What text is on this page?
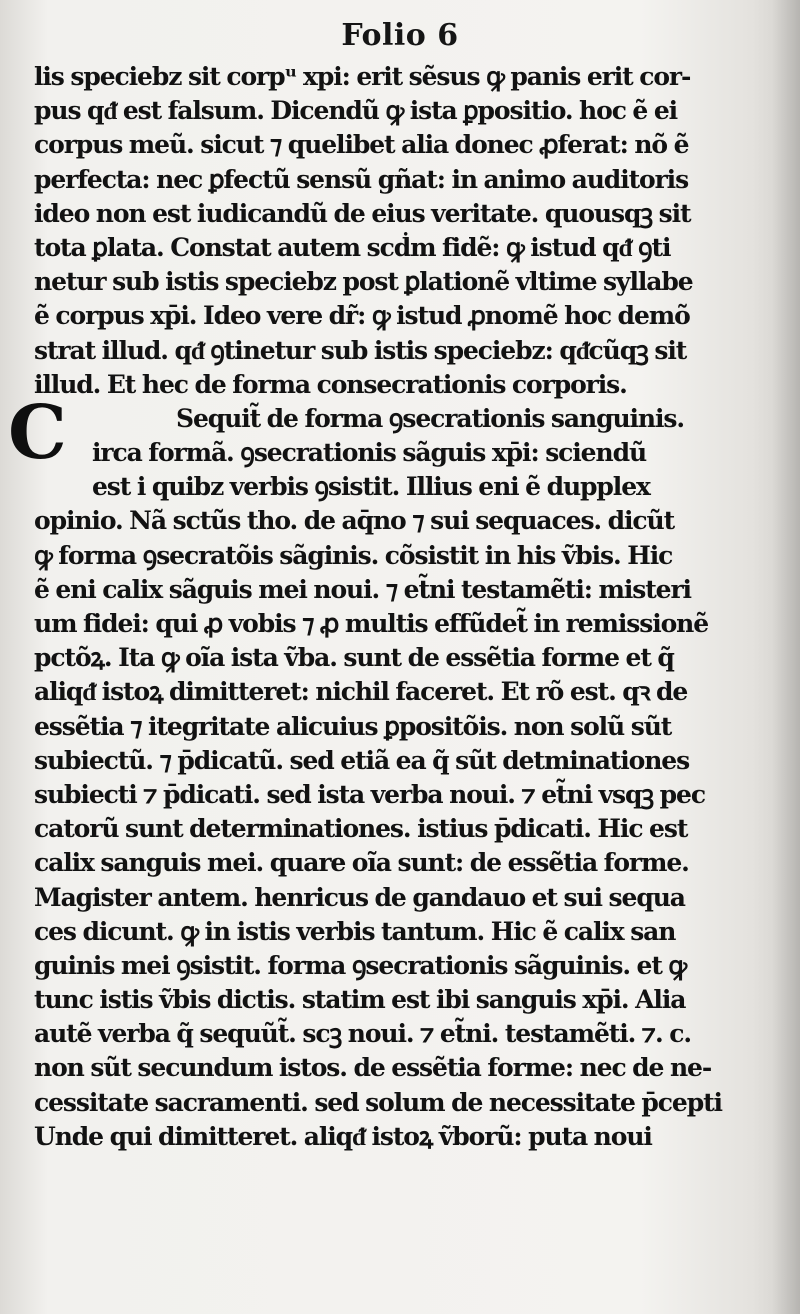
Folio 6
C
lis speciebz sit corpᵘ xpi: erit sẽsus ꝙ panis erit cor-
pus qᵭ est falsum. Dicendũ ꝙ ista ꝑpositio. hoc ẽ ei
corpus meũ. sicut ⁊ quelibet alia donec ꝓferat: nõ ẽ
perfecta: nec ꝑfectũ sensũ gñat: in animo auditoris
ideo non est iudicandũ de eius veritate. quousqꝫ sit
tota ꝑlata. Constat autem scḋm fidẽ: ꝙ istud qᵭ ꝯti
netur sub istis speciebz post ꝑlationẽ vltime syllabe
ẽ corpus xp̄i. Ideo vere dr̃: ꝙ istud ꝓnomẽ hoc demõ
strat illud. qᵭ ꝯtinetur sub istis speciebz: qᵭcũqꝫ sit
illud. Et hec de forma consecrationis corporis.
Sequit̃ de forma ꝯsecrationis sanguinis.
irca formã. ꝯsecrationis sãguis xp̄i: sciendũ
est i quibz verbis ꝯsistit. Illius eni ẽ dupplex
opinio. Nã sctũs tho. de aq̄no ⁊ sui sequaces. dicũt
ꝙ forma ꝯsecratõis sãginis. cõsistit in his ṽbis. Hic
ẽ eni calix sãguis mei noui. ⁊ et̃ni testamẽti: misteri
um fidei: qui ꝓ vobis ⁊ ꝓ multis effũdet̃ in remissionẽ
pctõꝝ. Ita ꝙ oĩa ista ṽba. sunt de essẽtia forme et q̃
aliqᵭ istoꝝ dimitteret: nichil faceret. Et rõ est. qꝛ de
essẽtia ⁊ itegritate alicuius ꝑpositõis. non solũ sũt
subiectũ. ⁊ p̄dicatũ. sed etiã ea q̃ sũt detminationes
subiecti ⁊ p̄dicati. sed ista verba noui. ⁊ et̃ni vsqꝫ pec
catorũ sunt determinationes. istius p̄dicati. Hic est
calix sanguis mei. quare oĩa sunt: de essẽtia forme.
Magister antem. henricus de gandauo et sui sequa
ces dicunt. ꝙ in istis verbis tantum. Hic ẽ calix san
guinis mei ꝯsistit. forma ꝯsecrationis sãguinis. et ꝙ
tunc istis ṽbis dictis. statim est ibi sanguis xp̄i. Alia
autẽ verba q̃ sequũt̃. scꝫ noui. ⁊ et̃ni. testamẽti. ⁊. c.
non sũt secundum istos. de essẽtia forme: nec de ne-
cessitate sacramenti. sed solum de necessitate p̄cepti
Unde qui dimitteret. aliqᵭ istoꝝ ṽborũ: puta noui
